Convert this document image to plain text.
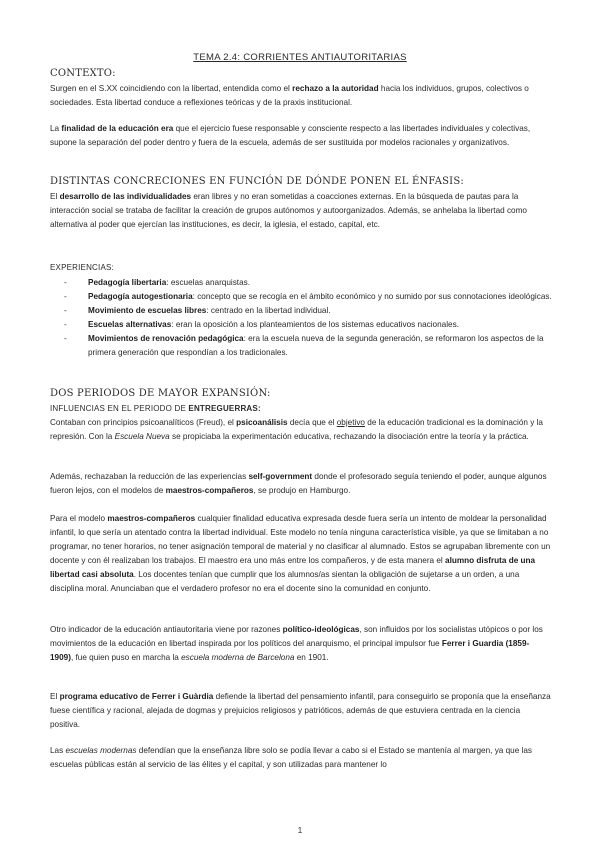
TEMA 2.4: CORRIENTES ANTIAUTORITARIAS
CONTEXTO:
Surgen en el S.XX coincidiendo con la libertad, entendida como el rechazo a la autoridad hacia los individuos, grupos, colectivos o sociedades. Esta libertad conduce a reflexiones teóricas y de la praxis institucional.
La finalidad de la educación era que el ejercicio fuese responsable y consciente respecto a las libertades individuales y colectivas, supone la separación del poder dentro y fuera de la escuela, además de ser sustituida por modelos racionales y organizativos.
DISTINTAS CONCRECIONES EN FUNCIÓN DE DÓNDE PONEN EL ÉNFASIS:
El desarrollo de las individualidades eran libres y no eran sometidas a coacciones externas. En la búsqueda de pautas para la interacción social se trataba de facilitar la creación de grupos autónomos y autoorganizados. Además, se anhelaba la libertad como alternativa al poder que ejercían las instituciones, es decir, la iglesia, el estado, capital, etc.
EXPERIENCIAS:
-	Pedagogía libertaria: escuelas anarquistas.
-	Pedagogía autogestionaria: concepto que se recogía en el ámbito económico y no sumido por sus connotaciones ideológicas.
-	Movimiento de escuelas libres: centrado en la libertad individual.
-	Escuelas alternativas: eran la oposición a los planteamientos de los sistemas educativos nacionales.
-	Movimientos de renovación pedagógica: era la escuela nueva de la segunda generación, se reformaron los aspectos de la primera generación que respondían a los tradicionales.
DOS PERIODOS DE MAYOR EXPANSIÓN:
INFLUENCIAS EN EL PERIODO DE ENTREGUERRAS:
Contaban con principios psicoanalíticos (Freud), el psicoanálisis decía que el objetivo de la educación tradicional es la dominación y la represión. Con la Escuela Nueva se propiciaba la experimentación educativa, rechazando la disociación entre la teoría y la práctica.
Además, rechazaban la reducción de las experiencias self-government donde el profesorado seguía teniendo el poder, aunque algunos fueron lejos, con el modelos de maestros-compañeros, se produjo en Hamburgo.
Para el modelo maestros-compañeros cualquier finalidad educativa expresada desde fuera sería un intento de moldear la personalidad infantil, lo que sería un atentado contra la libertad individual. Este modelo no tenía ninguna característica visible, ya que se limitaban a no programar, no tener horarios, no tener asignación temporal de material y no clasificar al alumnado. Estos se agrupaban libremente con un docente y con él realizaban los trabajos. El maestro era uno más entre los compañeros, y de esta manera el alumno disfruta de una libertad casi absoluta. Los docentes tenían que cumplir que los alumnos/as sientan la obligación de sujetarse a un orden, a una disciplina moral. Anunciaban que el verdadero profesor no era el docente sino la comunidad en conjunto.
Otro indicador de la educación antiautoritaria viene por razones político-ideológicas, son influidos por los socialistas utópicos o por los movimientos de la educación en libertad inspirada por los políticos del anarquismo, el principal impulsor fue Ferrer i Guardia (1859-1909), fue quien puso en marcha la escuela moderna de Barcelona en 1901.
El programa educativo de Ferrer i Guàrdia defiende la libertad del pensamiento infantil, para conseguirlo se proponía que la enseñanza fuese científica y racional, alejada de dogmas y prejuicios religiosos y patrióticos, además de que estuviera centrada en la ciencia positiva.
Las escuelas modernas defendían que la enseñanza libre solo se podía llevar a cabo si el Estado se mantenía al margen, ya que las escuelas públicas están al servicio de las élites y el capital, y son utilizadas para mantener lo
1
